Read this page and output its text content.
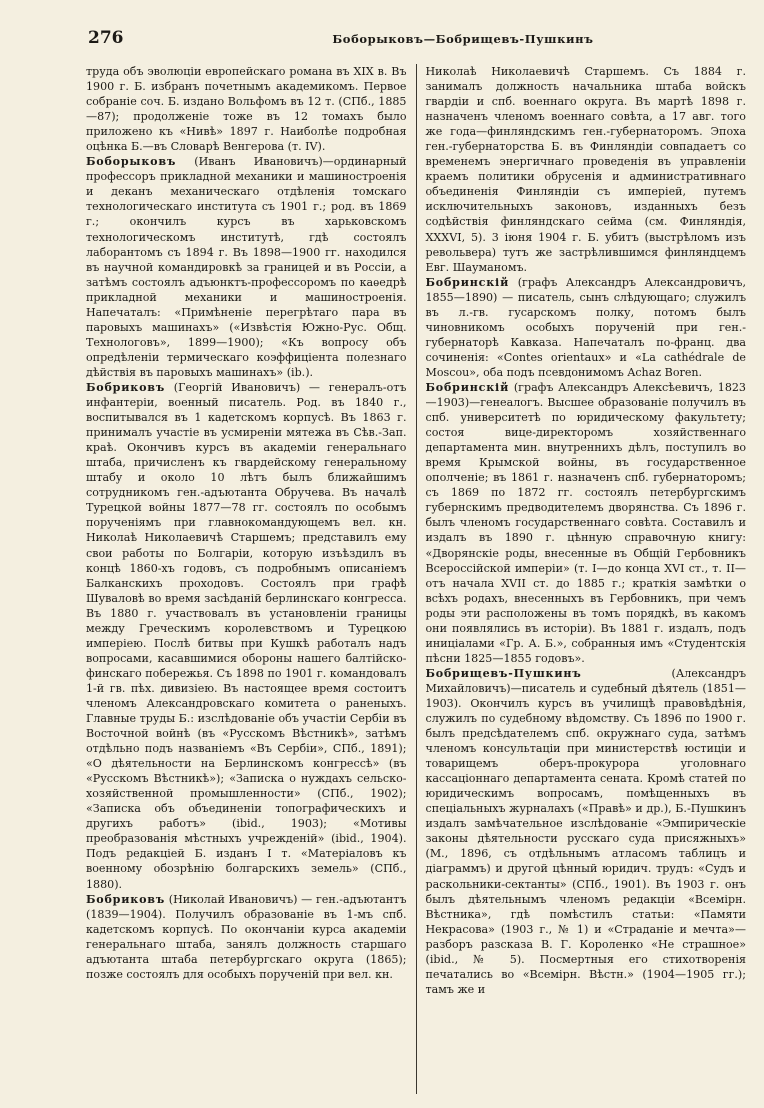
276	Боборыковъ—Бобрищевъ-Пушкинъ

труда объ эволюціи европейскаго романа въ XIX в. Въ 1900 г. Б. избранъ почетнымъ академикомъ. Первое собраніе соч. Б. издано Вольфомъ въ 12 т. (СПб., 1885—87); продолженіе тоже въ 12 томахъ было приложено къ «Нивѣ» 1897 г. Наиболѣе подробная оцѣнка Б.—въ Словарѣ Венгерова (т. IV).

Боборыковъ (Иванъ Ивановичъ)—ординарный профессоръ прикладной механики и машиностроенія и деканъ механическаго отдѣленія томскаго технологическаго института съ 1901 г.; род. въ 1869 г.; окончилъ курсъ въ харьковскомъ технологическомъ институтѣ, гдѣ состоялъ лаборантомъ съ 1894 г. Въ 1898—1900 гг. находился въ научной командировкѣ за границей и въ Россіи, а затѣмъ состоялъ адъюнктъ-профессоромъ по каѳедрѣ прикладной механики и машиностроенія. Напечаталъ: «Примѣненіе перегрѣтаго пара въ паровыхъ машинахъ» («Извѣстія Южно-Рус. Общ. Технологовъ», 1899—1900); «Къ вопросу объ опредѣленіи термическаго коэффиціента полезнаго дѣйствія въ паровыхъ машинахъ» (ib.).

Бобриковъ (Георгій Ивановичъ) — генералъ-отъ инфантеріи, военный писатель. Род. въ 1840 г., воспитывался въ 1 кадетскомъ корпусѣ. Въ 1863 г. принималъ участіе въ усмиреніи мятежа въ Сѣв.-Зап. краѣ. Окончивъ курсъ въ академіи генеральнаго штаба, причисленъ къ гвардейскому генеральному штабу и около 10 лѣтъ былъ ближайшимъ сотрудникомъ ген.-адъютанта Обручева. Въ началѣ Турецкой войны 1877—78 гг. состоялъ по особымъ порученіямъ при главнокомандующемъ вел. кн. Николаѣ Николаевичѣ Старшемъ; представилъ ему свои работы по Болгаріи, которую изъѣздилъ въ концѣ 1860-хъ годовъ, съ подробнымъ описаніемъ Балканскихъ проходовъ. Состоялъ при графѣ Шуваловѣ во время засѣданій берлинскаго конгресса. Въ 1880 г. участвовалъ въ установленіи границы между Греческимъ королевствомъ и Турецкою имперіею. Послѣ битвы при Кушкѣ работалъ надъ вопросами, касавшимися обороны нашего балтійско-финскаго побережья. Съ 1898 по 1901 г. командовалъ 1-й гв. пѣх. дивизіею. Въ настоящее время состоитъ членомъ Александровскаго комитета о раненыхъ. Главные труды Б.: изслѣдованіе объ участіи Сербіи въ Восточной войнѣ (въ «Русскомъ Вѣстникѣ», затѣмъ отдѣльно подъ названіемъ «Въ Сербіи», СПб., 1891); «О дѣятельности на Берлинскомъ конгрессѣ» (въ «Русскомъ Вѣстникѣ»); «Записка о нуждахъ сельско-хозяйственной промышленности» (СПб., 1902); «Записка объ объединеніи топографическихъ и другихъ работъ» (ibid., 1903); «Мотивы преобразованія мѣстныхъ учрежденій» (ibid., 1904). Подъ редакціей Б. изданъ I т. «Матеріаловъ къ военному обозрѣнію болгарскихъ земель» (СПб., 1880).

Бобриковъ (Николай Ивановичъ) — ген.-адъютантъ (1839—1904). Получилъ образованіе въ 1-мъ спб. кадетскомъ корпусѣ. По окончаніи курса академіи генеральнаго штаба, занялъ должность старшаго адъютанта штаба петербургскаго округа (1865); позже состоялъ для особыхъ порученій при вел. кн.

Николаѣ Николаевичѣ Старшемъ. Съ 1884 г. занималъ должность начальника штаба войскъ гвардіи и спб. военнаго округа. Въ мартѣ 1898 г. назначенъ членомъ военнаго совѣта, а 17 авг. того же года—финляндскимъ ген.-губернаторомъ. Эпоха ген.-губернаторства Б. въ Финляндіи совпадаетъ со временемъ энергичнаго проведенія въ управленіи краемъ политики обрусенія и административнаго объединенія Финляндіи съ имперіей, путемъ исключительныхъ законовъ, изданныхъ безъ содѣйствія финляндскаго сейма (см. Финляндія, XXXVI, 5). 3 іюня 1904 г. Б. убитъ (выстрѣломъ изъ револьвера) тутъ же застрѣлившимся финляндцемъ Евг. Шауманомъ.

Бобринскій (графъ Александръ Александровичъ, 1855—1890) — писатель, сынъ слѣдующаго; служилъ въ л.-гв. гусарскомъ полку, потомъ былъ чиновникомъ особыхъ порученій при ген.-губернаторѣ Кавказа. Напечаталъ по-франц. два сочиненія: «Contes orientaux» и «La cathédrale de Moscou», оба подъ псевдонимомъ Achaz Boren.

Бобринскій (графъ Александръ Алексѣевичъ, 1823—1903)—генеалогъ. Высшее образованіе получилъ въ спб. университетѣ по юридическому факультету; состоя вице-директоромъ хозяйственнаго департамента мин. внутреннихъ дѣлъ, поступилъ во время Крымской войны, въ государственное ополченіе; въ 1861 г. назначенъ спб. губернаторомъ; съ 1869 по 1872 гг. состоялъ петербургскимъ губернскимъ предводителемъ дворянства. Съ 1896 г. былъ членомъ государственнаго совѣта. Составилъ и издалъ въ 1890 г. цѣнную справочную книгу: «Дворянскіе роды, внесенные въ Общій Гербовникъ Всероссійской имперіи» (т. I—до конца XVI ст., т. II—отъ начала XVII ст. до 1885 г.; краткія замѣтки о всѣхъ родахъ, внесенныхъ въ Гербовникъ, при чемъ роды эти расположены въ томъ порядкѣ, въ какомъ они появлялись въ исторіи). Въ 1881 г. издалъ, подъ иниціалами «Гр. А. Б.», собранныя имъ «Студентскія пѣсни 1825—1855 годовъ».

Бобрищевъ-Пушкинъ (Александръ Михайловичъ)—писатель и судебный дѣятель (1851—1903). Окончилъ курсъ въ училищѣ правовѣдѣнія, служилъ по судебному вѣдомству. Съ 1896 по 1900 г. былъ предсѣдателемъ спб. окружнаго суда, затѣмъ членомъ консультаціи при министерствѣ юстиціи и товарищемъ оберъ-прокурора уголовнаго кассаціоннаго департамента сената. Кромѣ статей по юридическимъ вопросамъ, помѣщенныхъ въ спеціальныхъ журналахъ («Правѣ» и др.), Б.-Пушкинъ издалъ замѣчательное изслѣдованіе «Эмпирическіе законы дѣятельности русскаго суда присяжныхъ» (М., 1896, съ отдѣльнымъ атласомъ таблицъ и діаграммъ) и другой цѣнный юридич. трудъ: «Судъ и раскольники-сектанты» (СПб., 1901). Въ 1903 г. онъ былъ дѣятельнымъ членомъ редакціи «Всемірн. Вѣстника», гдѣ помѣстилъ статьи: «Памяти Некрасова» (1903 г., № 1) и «Страданіе и мечта»—разборъ разсказа В. Г. Короленко «Не страшное» (ibid., № 5). Посмертныя его стихотворенія печатались во «Всемірн. Вѣстн.» (1904—1905 гг.); тамъ же и
